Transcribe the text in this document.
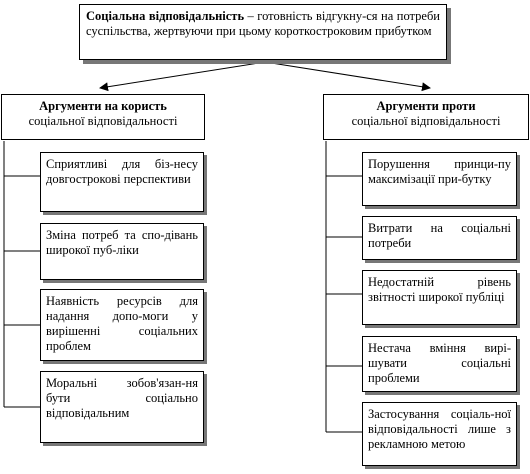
Соціальна відповідальність – готовність відгукну-ся на потреби суспільства, жертвуючи при цьому короткостроковим прибутком
Аргументи на користь
соціальної відповідальності
Аргументи проти
соціальної відповідальності
Сприятливі для біз-несу довгострокові перспективи
Зміна потреб та спо-дівань широкої пуб-ліки
Наявність ресурсів для надання допо-моги у вирішенні соціальних проблем
Моральні зобов'язан-ня бути соціально відповідальним
Порушення принци-пу максимізації при-бутку
Витрати на соціальні потреби
Недостатній рівень звітності широкої публіці
Нестача вміння вирі-шувати соціальні проблеми
Застосування соціаль-ної відповідальності лише з рекламною метою
